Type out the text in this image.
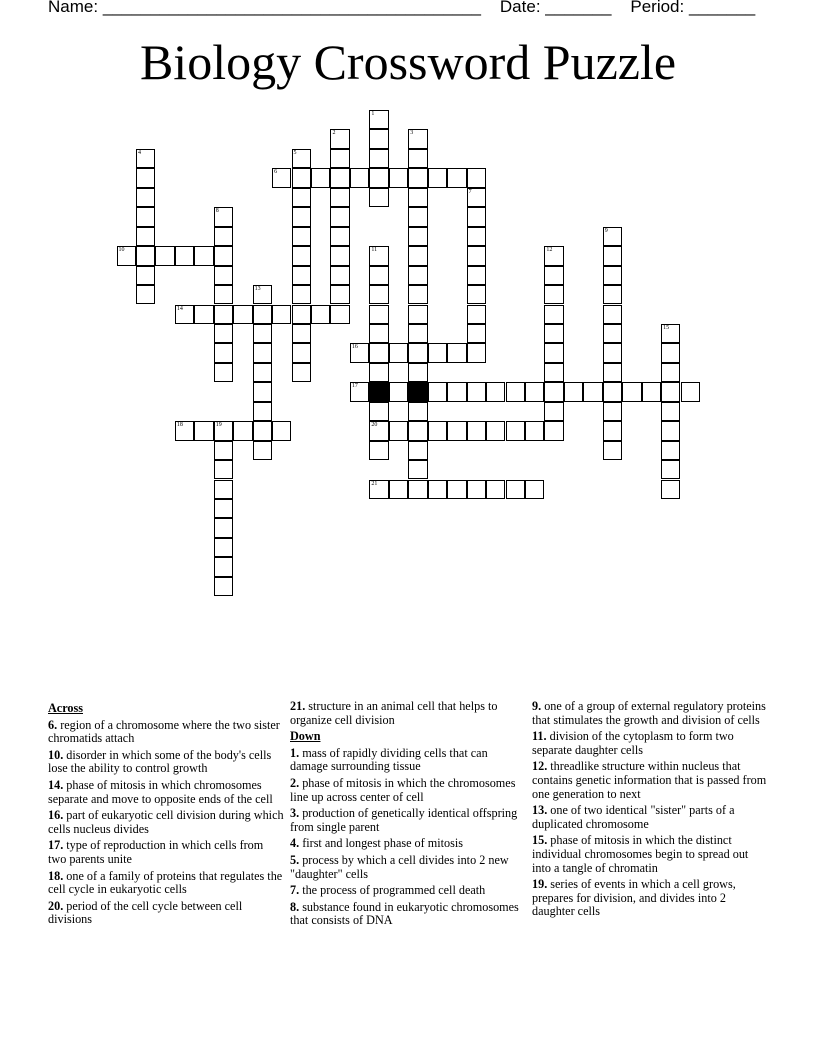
Name: ________________________________________ Date: _______ Period: _______
Biology Crossword Puzzle
1
2	3
4	5
6
7
8
9
10	11
20
12
13
14
15
16
17
18	19
21
Across
6. region of a chromosome where the two sister chromatids attach
10. disorder in which some of the body's cells lose the ability to control growth
14. phase of mitosis in which chromosomes separate and move to opposite ends of the cell
16. part of eukaryotic cell division during which cells nucleus divides
17. type of reproduction in which cells from two parents unite
18. one of a family of proteins that regulates the cell cycle in eukaryotic cells
20. period of the cell cycle between cell divisions
21. structure in an animal cell that helps to organize cell division
Down
1. mass of rapidly dividing cells that can damage surrounding tissue
2. phase of mitosis in which the chromosomes line up across center of cell
3. production of genetically identical offspring from single parent
4. first and longest phase of mitosis
5. process by which a cell divides into 2 new "daughter" cells
7. the process of programmed cell death
8. substance found in eukaryotic chromosomes that consists of DNA
9. one of a group of external regulatory proteins that stimulates the growth and division of cells
11. division of the cytoplasm to form two separate daughter cells
12. threadlike structure within nucleus that contains genetic information that is passed from one generation to next
13. one of two identical "sister" parts of a duplicated chromosome
15. phase of mitosis in which the distinct individual chromosomes begin to spread out into a tangle of chromatin
19. series of events in which a cell grows, prepares for division, and divides into 2 daughter cells
